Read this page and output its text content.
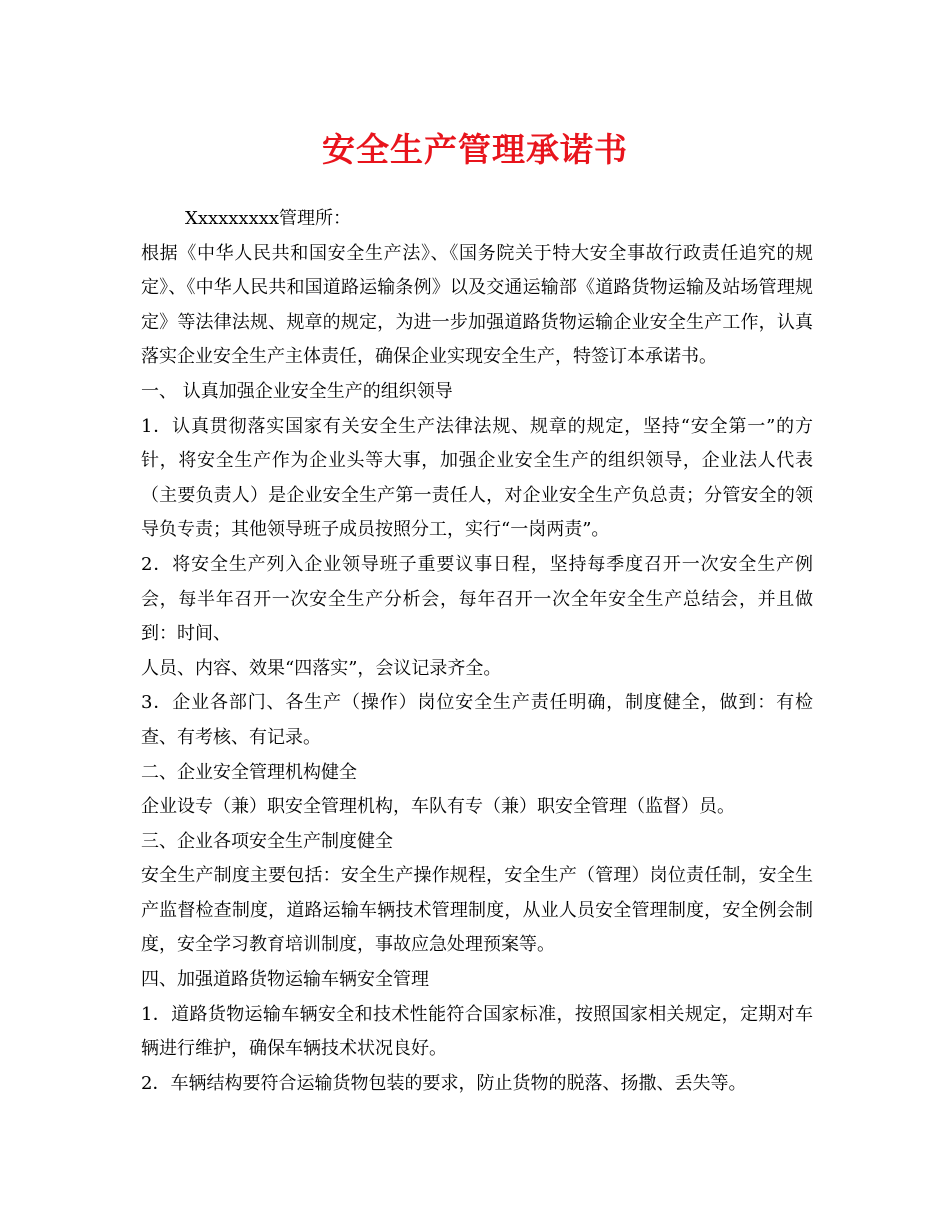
安全生产管理承诺书

Xxxxxxxxx管理所：

根据《中华人民共和国安全生产法》、《国务院关于特大安全事故行政责任追究的规定》、《中华人民共和国道路运输条例》以及交通运输部《道路货物运输及站场管理规定》等法律法规、规章的规定，为进一步加强道路货物运输企业安全生产工作，认真落实企业安全生产主体责任，确保企业实现安全生产，特签订本承诺书。

一、 认真加强企业安全生产的组织领导

1．认真贯彻落实国家有关安全生产法律法规、规章的规定，坚持“安全第一”的方针，将安全生产作为企业头等大事，加强企业安全生产的组织领导，企业法人代表（主要负责人）是企业安全生产第一责任人，对企业安全生产负总责；分管安全的领导负专责；其他领导班子成员按照分工，实行“一岗两责”。

2．将安全生产列入企业领导班子重要议事日程，坚持每季度召开一次安全生产例会，每半年召开一次安全生产分析会，每年召开一次全年安全生产总结会，并且做到：时间、

人员、内容、效果“四落实”，会议记录齐全。

3．企业各部门、各生产（操作）岗位安全生产责任明确，制度健全，做到：有检查、有考核、有记录。

二、企业安全管理机构健全

企业设专（兼）职安全管理机构，车队有专（兼）职安全管理（监督）员。

三、企业各项安全生产制度健全

安全生产制度主要包括：安全生产操作规程，安全生产（管理）岗位责任制，安全生产监督检查制度，道路运输车辆技术管理制度，从业人员安全管理制度，安全例会制度，安全学习教育培训制度，事故应急处理预案等。

四、加强道路货物运输车辆安全管理

1．道路货物运输车辆安全和技术性能符合国家标准，按照国家相关规定，定期对车辆进行维护，确保车辆技术状况良好。

2．车辆结构要符合运输货物包装的要求，防止货物的脱落、扬撒、丢失等。
